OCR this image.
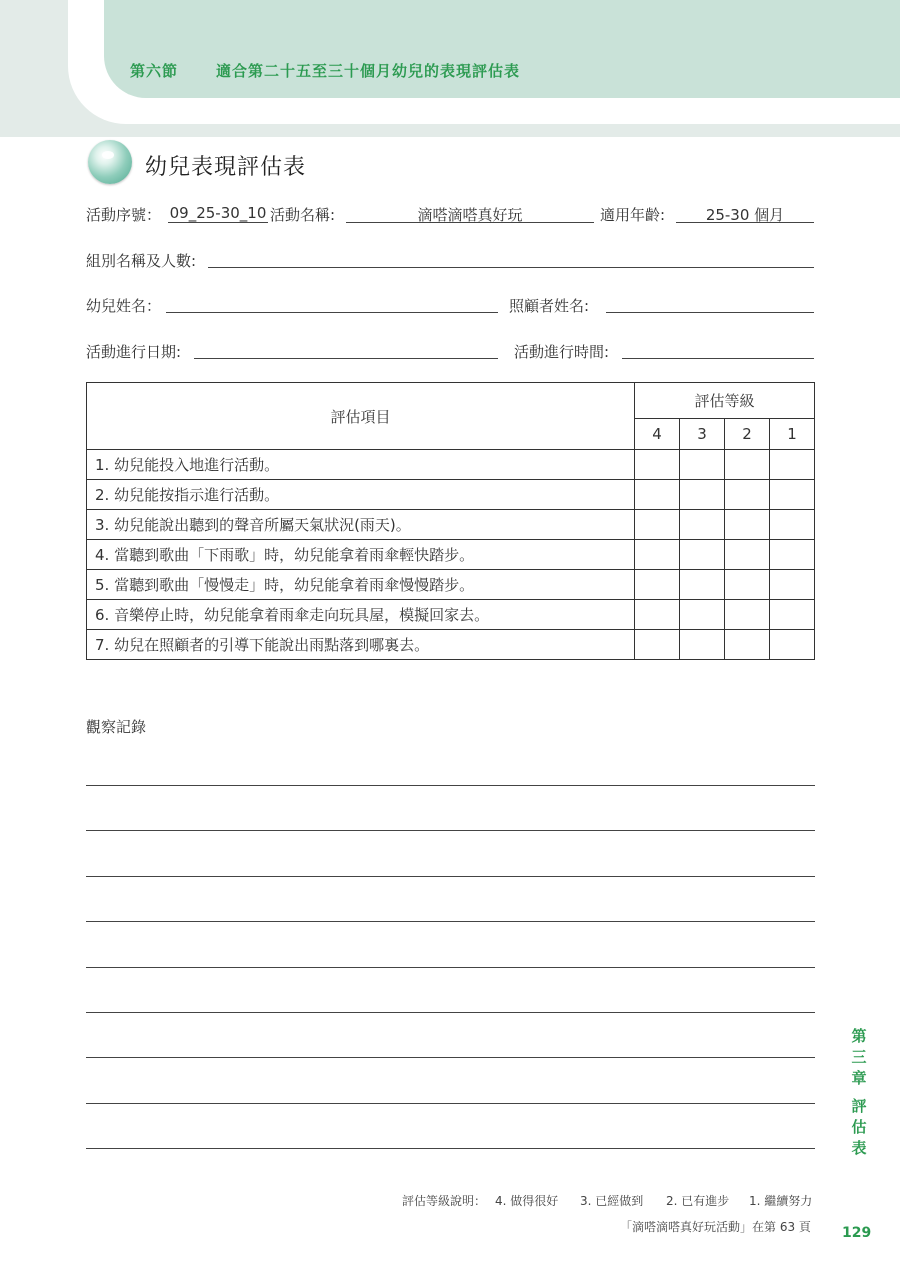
第六節	適合第二十五至三十個月幼兒的表現評估表
幼兒表現評估表
活動序號： 09_25-30_10 活動名稱:	滴嗒滴嗒真好玩	適用年齡:	25-30 個月
組別名稱及人數:
幼兒姓名：	照顧者姓名:
活動進行日期:	活動進行時間:
評估項目	評估等級			
	4	3	2	1
1. 幼兒能投入地進行活動。				
2. 幼兒能按指示進行活動。				
3. 幼兒能說出聽到的聲音所屬天氣狀況(雨天)。				
4. 當聽到歌曲「下雨歌」時，幼兒能拿着雨傘輕快踏步。				
5. 當聽到歌曲「慢慢走」時，幼兒能拿着雨傘慢慢踏步。				
6. 音樂停止時，幼兒能拿着雨傘走向玩具屋，模擬回家去。				
7. 幼兒在照顧者的引導下能說出雨點落到哪裏去。				
觀察記錄
第三章
評估表
評估等級說明： 4. 做得很好 3. 已經做到 2. 已有進步 1. 繼續努力
「滴嗒滴嗒真好玩活動」在第 63 頁 129
